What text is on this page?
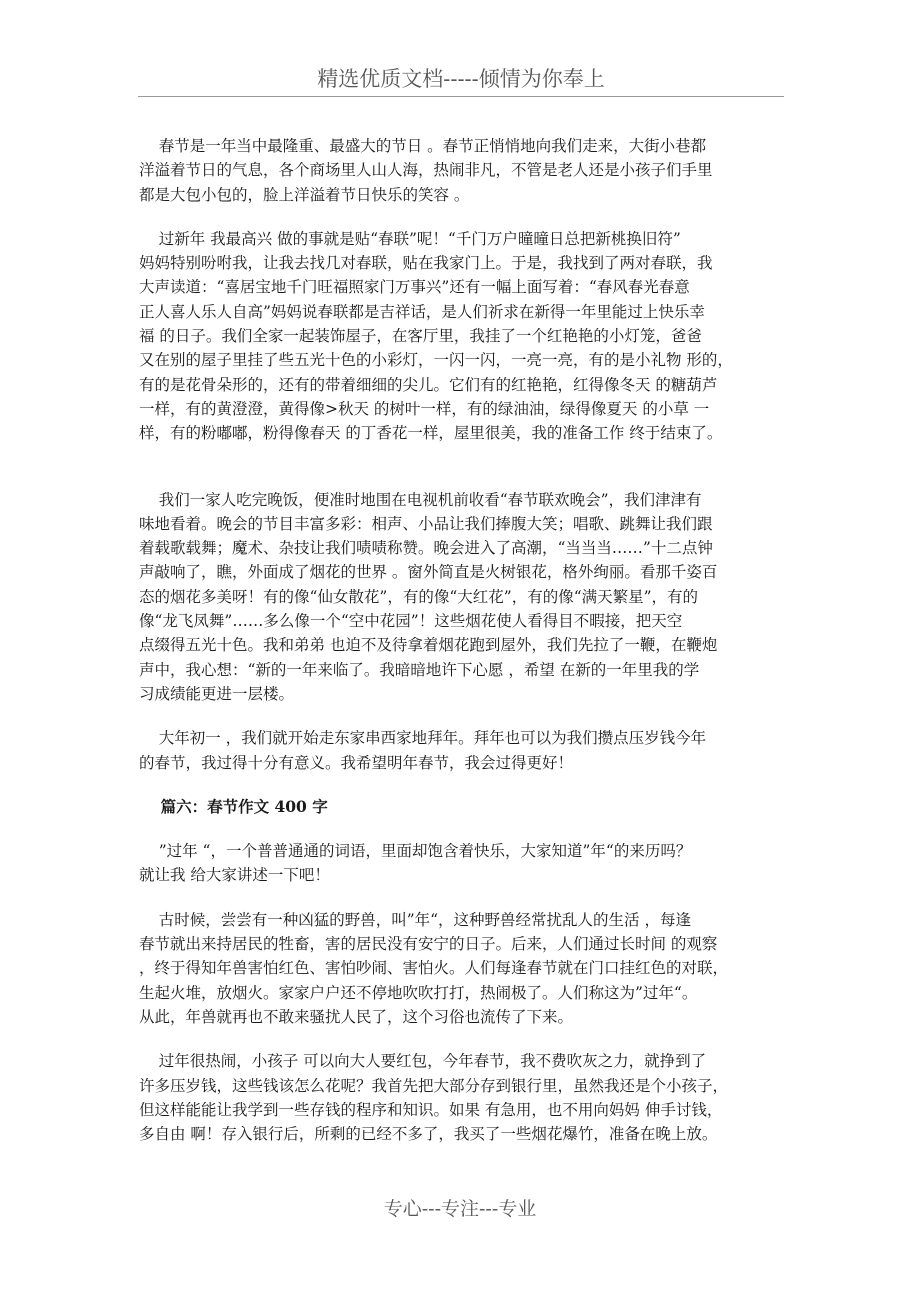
精选优质文档-----倾情为你奉上
春节是一年当中最隆重、最盛大的节日 。春节正悄悄地向我们走来，大街小巷都
洋溢着节日的气息，各个商场里人山人海，热闹非凡，不管是老人还是小孩子们手里
都是大包小包的，脸上洋溢着节日快乐的笑容 。
过新年 我最高兴 做的事就是贴“春联”呢！“千门万户曈曈日总把新桃换旧符”
妈妈特别吩咐我，让我去找几对春联，贴在我家门上。于是，我找到了两对春联，我
大声读道：“喜居宝地千门旺福照家门万事兴”还有一幅上面写着：“春风春光春意
正人喜人乐人自高”妈妈说春联都是吉祥话，是人们祈求在新得一年里能过上快乐幸
福 的日子。我们全家一起装饰屋子，在客厅里，我挂了一个红艳艳的小灯笼，爸爸
又在别的屋子里挂了些五光十色的小彩灯，一闪一闪，一亮一亮，有的是小礼物 形的，
有的是花骨朵形的，还有的带着细细的尖儿。它们有的红艳艳，红得像冬天 的糖葫芦
一样，有的黄澄澄，黄得像>秋天 的树叶一样，有的绿油油，绿得像夏天 的小草 一
样，有的粉嘟嘟，粉得像春天 的丁香花一样，屋里很美，我的准备工作 终于结束了。
我们一家人吃完晚饭，便准时地围在电视机前收看“春节联欢晚会”，我们津津有
味地看着。晚会的节目丰富多彩：相声、小品让我们捧腹大笑；唱歌、跳舞让我们跟
着载歌载舞；魔术、杂技让我们啧啧称赞。晚会进入了高潮，“当当当……”十二点钟
声敲响了，瞧，外面成了烟花的世界 。窗外简直是火树银花，格外绚丽。看那千姿百
态的烟花多美呀！有的像“仙女散花”，有的像“大红花”，有的像“满天繁星”，有的
像“龙飞凤舞”……多么像一个“空中花园”！这些烟花使人看得目不暇接，把天空
点缀得五光十色。我和弟弟 也迫不及待拿着烟花跑到屋外，我们先拉了一鞭，在鞭炮
声中，我心想：“新的一年来临了。我暗暗地许下心愿 ，希望 在新的一年里我的学
习成绩能更进一层楼。
大年初一 ，我们就开始走东家串西家地拜年。拜年也可以为我们攒点压岁钱今年
的春节，我过得十分有意义。我希望明年春节，我会过得更好！
篇六：春节作文 400 字
”过年 “，一个普普通通的词语，里面却饱含着快乐，大家知道”年“的来历吗？
就让我 给大家讲述一下吧！
古时候，尝尝有一种凶猛的野兽，叫”年“，这种野兽经常扰乱人的生活 ，每逢
春节就出来持居民的牲畜，害的居民没有安宁的日子。后来，人们通过长时间 的观察
，终于得知年兽害怕红色、害怕吵闹、害怕火。人们每逢春节就在门口挂红色的对联，
生起火堆，放烟火。家家户户还不停地吹吹打打，热闹极了。人们称这为”过年“。
从此，年兽就再也不敢来骚扰人民了，这个习俗也流传了下来。
过年很热闹，小孩子 可以向大人要红包，今年春节，我不费吹灰之力，就挣到了
许多压岁钱，这些钱该怎么花呢？我首先把大部分存到银行里，虽然我还是个小孩子，
但这样能能让我学到一些存钱的程序和知识。如果 有急用，也不用向妈妈 伸手讨钱，
多自由 啊！存入银行后，所剩的已经不多了，我买了一些烟花爆竹，准备在晚上放。
专心---专注---专业
